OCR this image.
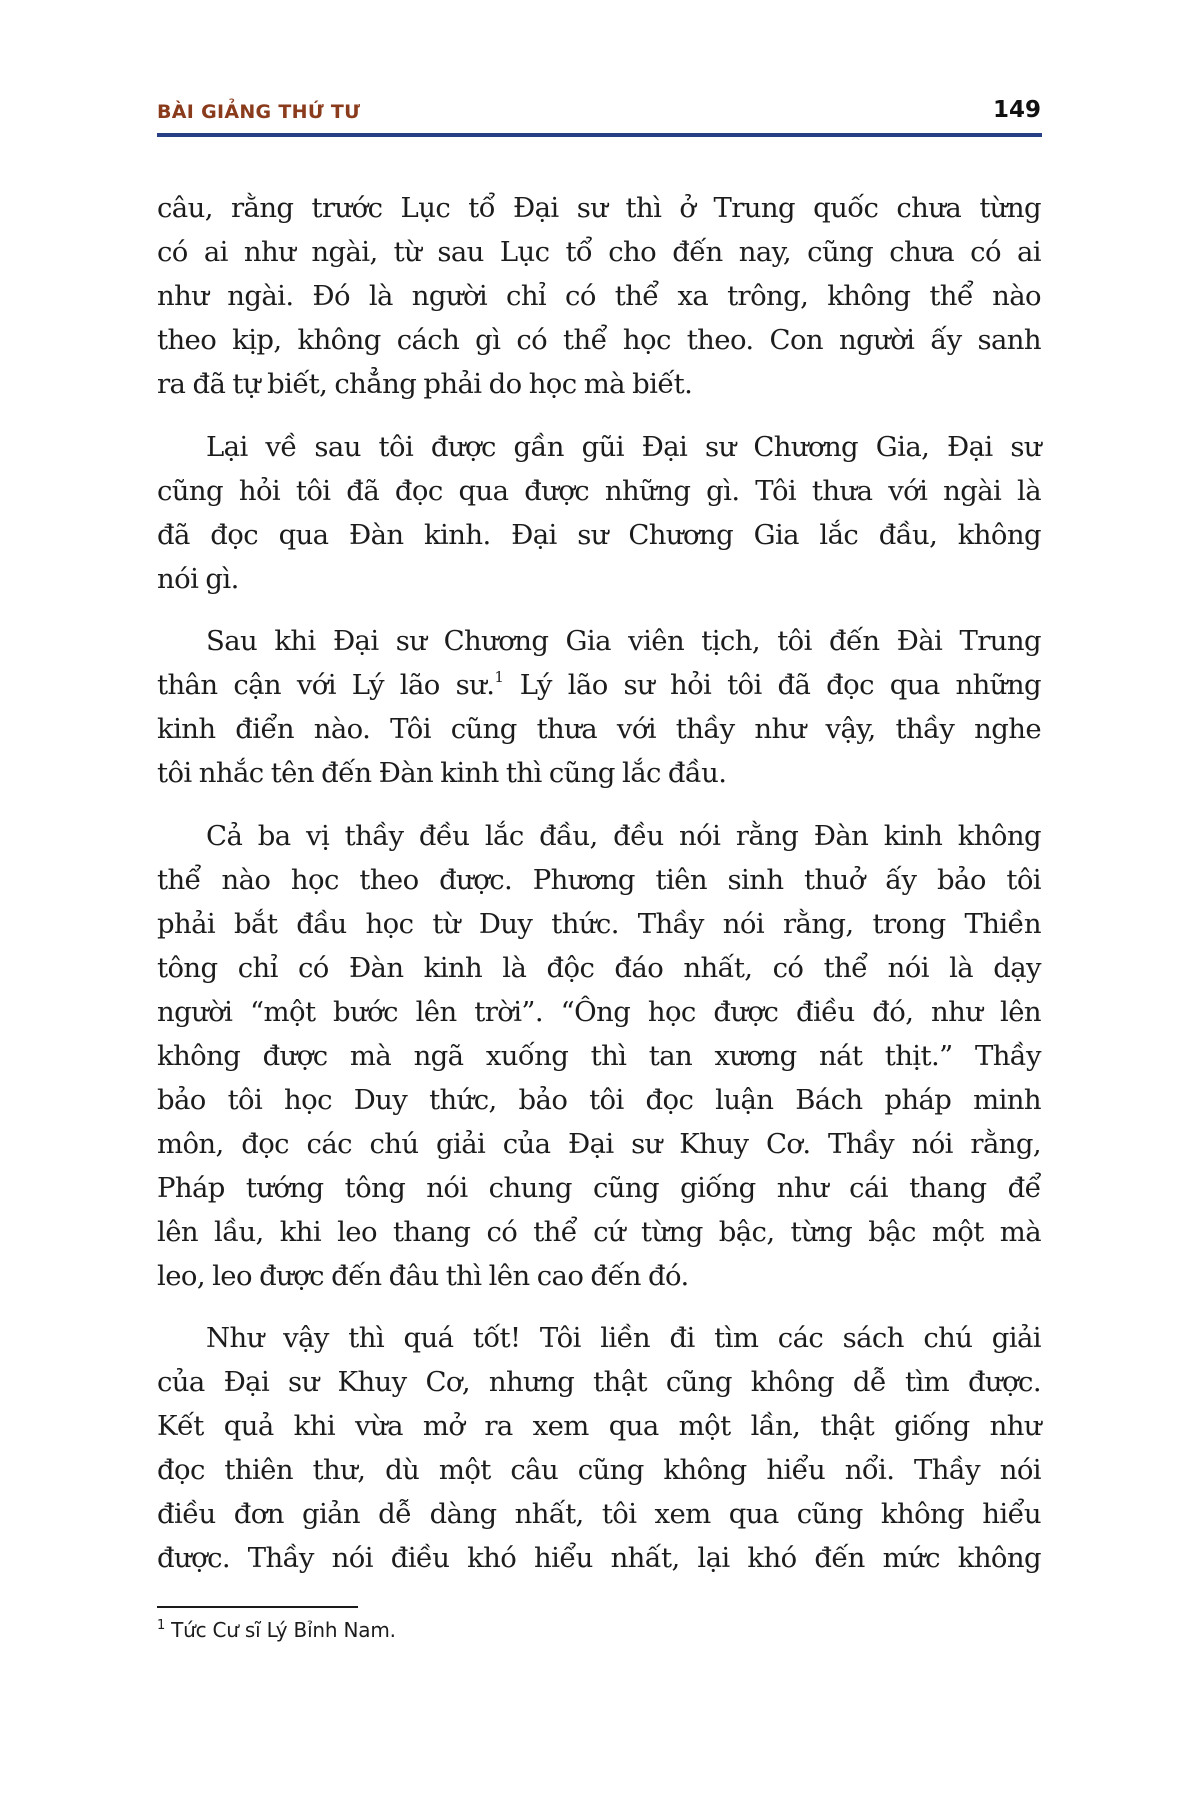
BÀI GIẢNG THỨ TƯ	149

câu, rằng trước Lục tổ Đại sư thì ở Trung quốc chưa từng
có ai như ngài, từ sau Lục tổ cho đến nay, cũng chưa có ai
như ngài. Đó là người chỉ có thể xa trông, không thể nào
theo kịp, không cách gì có thể học theo. Con người ấy sanh
ra đã tự biết, chẳng phải do học mà biết.

Lại về sau tôi được gần gũi Đại sư Chương Gia, Đại sư
cũng hỏi tôi đã đọc qua được những gì. Tôi thưa với ngài là
đã đọc qua Đàn kinh. Đại sư Chương Gia lắc đầu, không
nói gì.

Sau khi Đại sư Chương Gia viên tịch, tôi đến Đài Trung
thân cận với Lý lão sư.$^1$ Lý lão sư hỏi tôi đã đọc qua những
kinh điển nào. Tôi cũng thưa với thầy như vậy, thầy nghe
tôi nhắc tên đến Đàn kinh thì cũng lắc đầu.

Cả ba vị thầy đều lắc đầu, đều nói rằng Đàn kinh không
thể nào học theo được. Phương tiên sinh thuở ấy bảo tôi
phải bắt đầu học từ Duy thức. Thầy nói rằng, trong Thiền
tông chỉ có Đàn kinh là độc đáo nhất, có thể nói là dạy
người “một bước lên trời”. “Ông học được điều đó, như lên
không được mà ngã xuống thì tan xương nát thịt.” Thầy
bảo tôi học Duy thức, bảo tôi đọc luận Bách pháp minh
môn, đọc các chú giải của Đại sư Khuy Cơ. Thầy nói rằng,
Pháp tướng tông nói chung cũng giống như cái thang để
lên lầu, khi leo thang có thể cứ từng bậc, từng bậc một mà
leo, leo được đến đâu thì lên cao đến đó.

Như vậy thì quá tốt! Tôi liền đi tìm các sách chú giải
của Đại sư Khuy Cơ, nhưng thật cũng không dễ tìm được.
Kết quả khi vừa mở ra xem qua một lần, thật giống như
đọc thiên thư, dù một câu cũng không hiểu nổi. Thầy nói
điều đơn giản dễ dàng nhất, tôi xem qua cũng không hiểu
được. Thầy nói điều khó hiểu nhất, lại khó đến mức không

$^1$ Tức Cư sĩ Lý Bỉnh Nam.
